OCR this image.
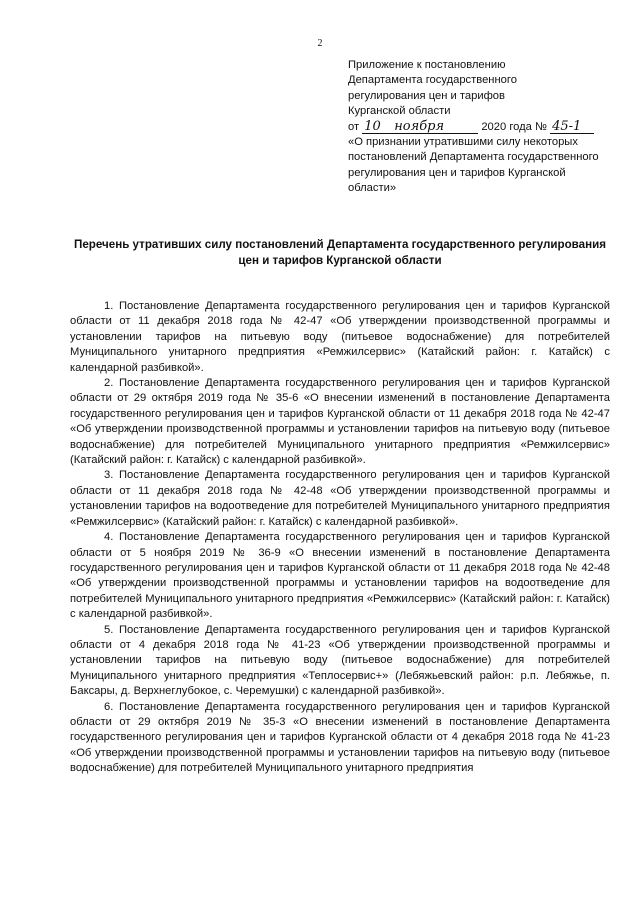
2
Приложение к постановлению
Департамента государственного
регулирования цен и тарифов
Курганской области
от 10 ноября	2020 года № 45-1
«О признании утратившими силу некоторых постановлений Департамента государственного регулирования цен и тарифов Курганской области»
Перечень утративших силу постановлений Департамента государственного регулирования цен и тарифов Курганской области

1. Постановление Департамента государственного регулирования цен и тарифов Курганской области от 11 декабря 2018 года № 42-47 «Об утверждении производственной программы и установлении тарифов на питьевую воду (питьевое водоснабжение) для потребителей Муниципального унитарного предприятия «Ремжилсервис» (Катайский район: г. Катайск) с календарной разбивкой».

2. Постановление Департамента государственного регулирования цен и тарифов Курганской области от 29 октября 2019 года № 35-6 «О внесении изменений в постановление Департамента государственного регулирования цен и тарифов Курганской области от 11 декабря 2018 года № 42-47 «Об утверждении производственной программы и установлении тарифов на питьевую воду (питьевое водоснабжение) для потребителей Муниципального унитарного предприятия «Ремжилсервис» (Катайский район: г. Катайск) с календарной разбивкой».

3. Постановление Департамента государственного регулирования цен и тарифов Курганской области от 11 декабря 2018 года № 42-48 «Об утверждении производственной программы и установлении тарифов на водоотведение для потребителей Муниципального унитарного предприятия «Ремжилсервис» (Катайский район: г. Катайск) с календарной разбивкой».

4. Постановление Департамента государственного регулирования цен и тарифов Курганской области от 5 ноября 2019 № 36-9 «О внесении изменений в постановление Департамента государственного регулирования цен и тарифов Курганской области от 11 декабря 2018 года № 42-48 «Об утверждении производственной программы и установлении тарифов на водоотведение для потребителей Муниципального унитарного предприятия «Ремжилсервис» (Катайский район: г. Катайск) с календарной разбивкой».

5. Постановление Департамента государственного регулирования цен и тарифов Курганской области от 4 декабря 2018 года № 41-23 «Об утверждении производственной программы и установлении тарифов на питьевую воду (питьевое водоснабжение) для потребителей Муниципального унитарного предприятия «Теплосервис+» (Лебяжьевский район: р.п. Лебяжье, п. Баксары, д. Верхнеглубокое, с. Черемушки) с календарной разбивкой».

6. Постановление Департамента государственного регулирования цен и тарифов Курганской области от 29 октября 2019 № 35-3 «О внесении изменений в постановление Департамента государственного регулирования цен и тарифов Курганской области от 4 декабря 2018 года № 41-23 «Об утверждении производственной программы и установлении тарифов на питьевую воду (питьевое водоснабжение) для потребителей Муниципального унитарного предприятия
